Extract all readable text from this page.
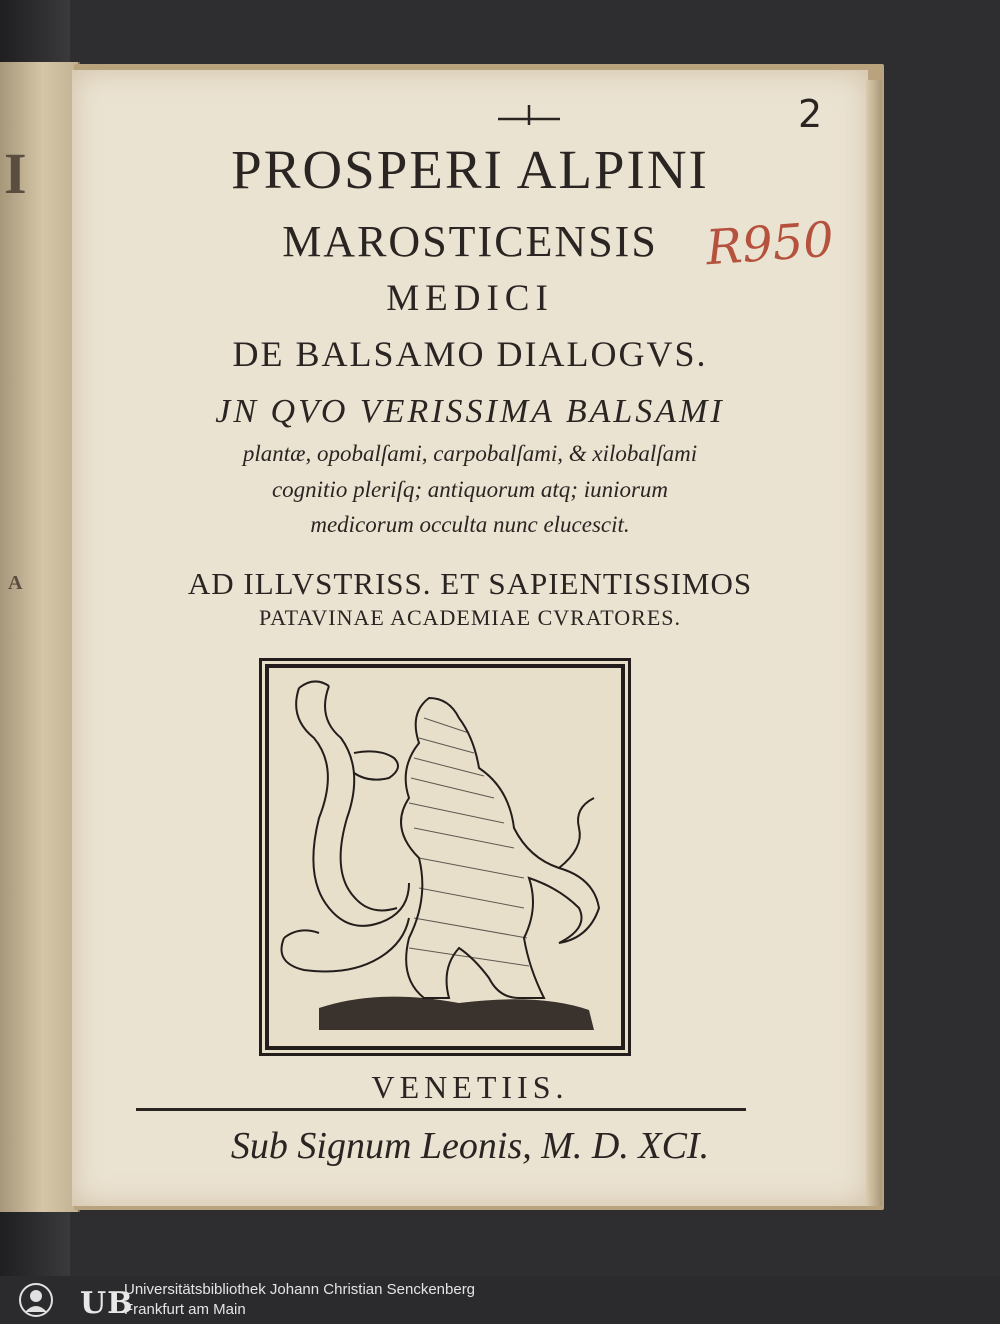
I
A
PROSPERI ALPINI
MAROSTICENSIS
MEDICI
DE BALSAMO DIALOGVS.
JN QVO VERISSIMA BALSAMI
plantæ, opobalſami, carpobalſami, & xilobalſami
cognitio pleriſq; antiquorum atq; iuniorum
medicorum occulta nunc elucescit.
AD ILLVSTRISS. ET SAPIENTISSIMOS
PATAVINAE ACADEMIAE CVRATORES.
R950
2
VENETIIS.
Sub Signum Leonis, M. D. XCI.
UB
Universitätsbibliothek Johann Christian Senckenberg
Frankfurt am Main
